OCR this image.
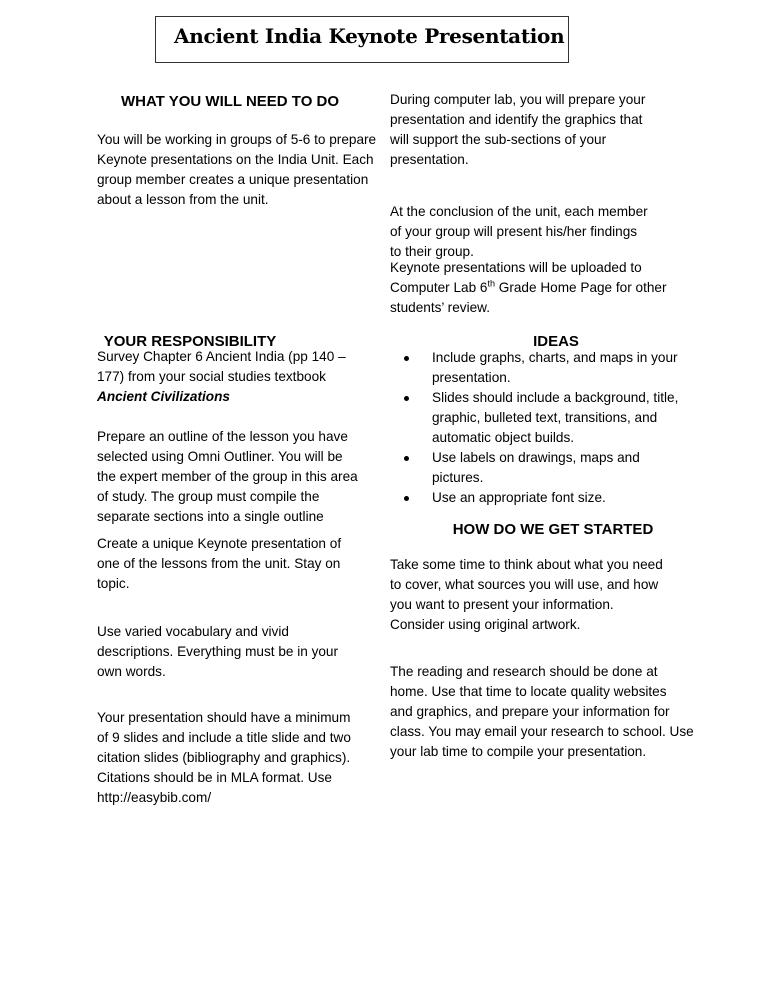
Ancient India Keynote Presentation
WHAT YOU WILL NEED TO DO
You will be working in groups of 5-6 to prepare
Keynote presentations on the India Unit. Each
group member creates a unique presentation
about a lesson from the unit.
During computer lab, you will prepare your
presentation and identify the graphics that
will support the sub-sections of your
presentation.
At the conclusion of the unit, each member
of your group will present his/her findings
to their group.
Keynote presentations will be uploaded to
Computer Lab 6th Grade Home Page for other
students’ review.
YOUR RESPONSIBILITY
Survey Chapter 6 Ancient India (pp 140 –
177) from your social studies textbook
Ancient Civilizations
Prepare an outline of the lesson you have
selected using Omni Outliner. You will be
the expert member of the group in this area
of study. The group must compile the
separate sections into a single outline
Create a unique Keynote presentation of
one of the lessons from the unit. Stay on
topic.
Use varied vocabulary and vivid
descriptions. Everything must be in your
own words.
Your presentation should have a minimum
of 9 slides and include a title slide and two
citation slides (bibliography and graphics).
Citations should be in MLA format. Use
http://easybib.com/
IDEAS
Include graphs, charts, and maps in your
presentation.
Slides should include a background, title,
graphic, bulleted text, transitions, and
automatic object builds.
Use labels on drawings, maps and
pictures.
Use an appropriate font size.
HOW DO WE GET STARTED
Take some time to think about what you need
to cover, what sources you will use, and how
you want to present your information.
Consider using original artwork.
The reading and research should be done at
home. Use that time to locate quality websites
and graphics, and prepare your information for
class. You may email your research to school. Use
your lab time to compile your presentation.
